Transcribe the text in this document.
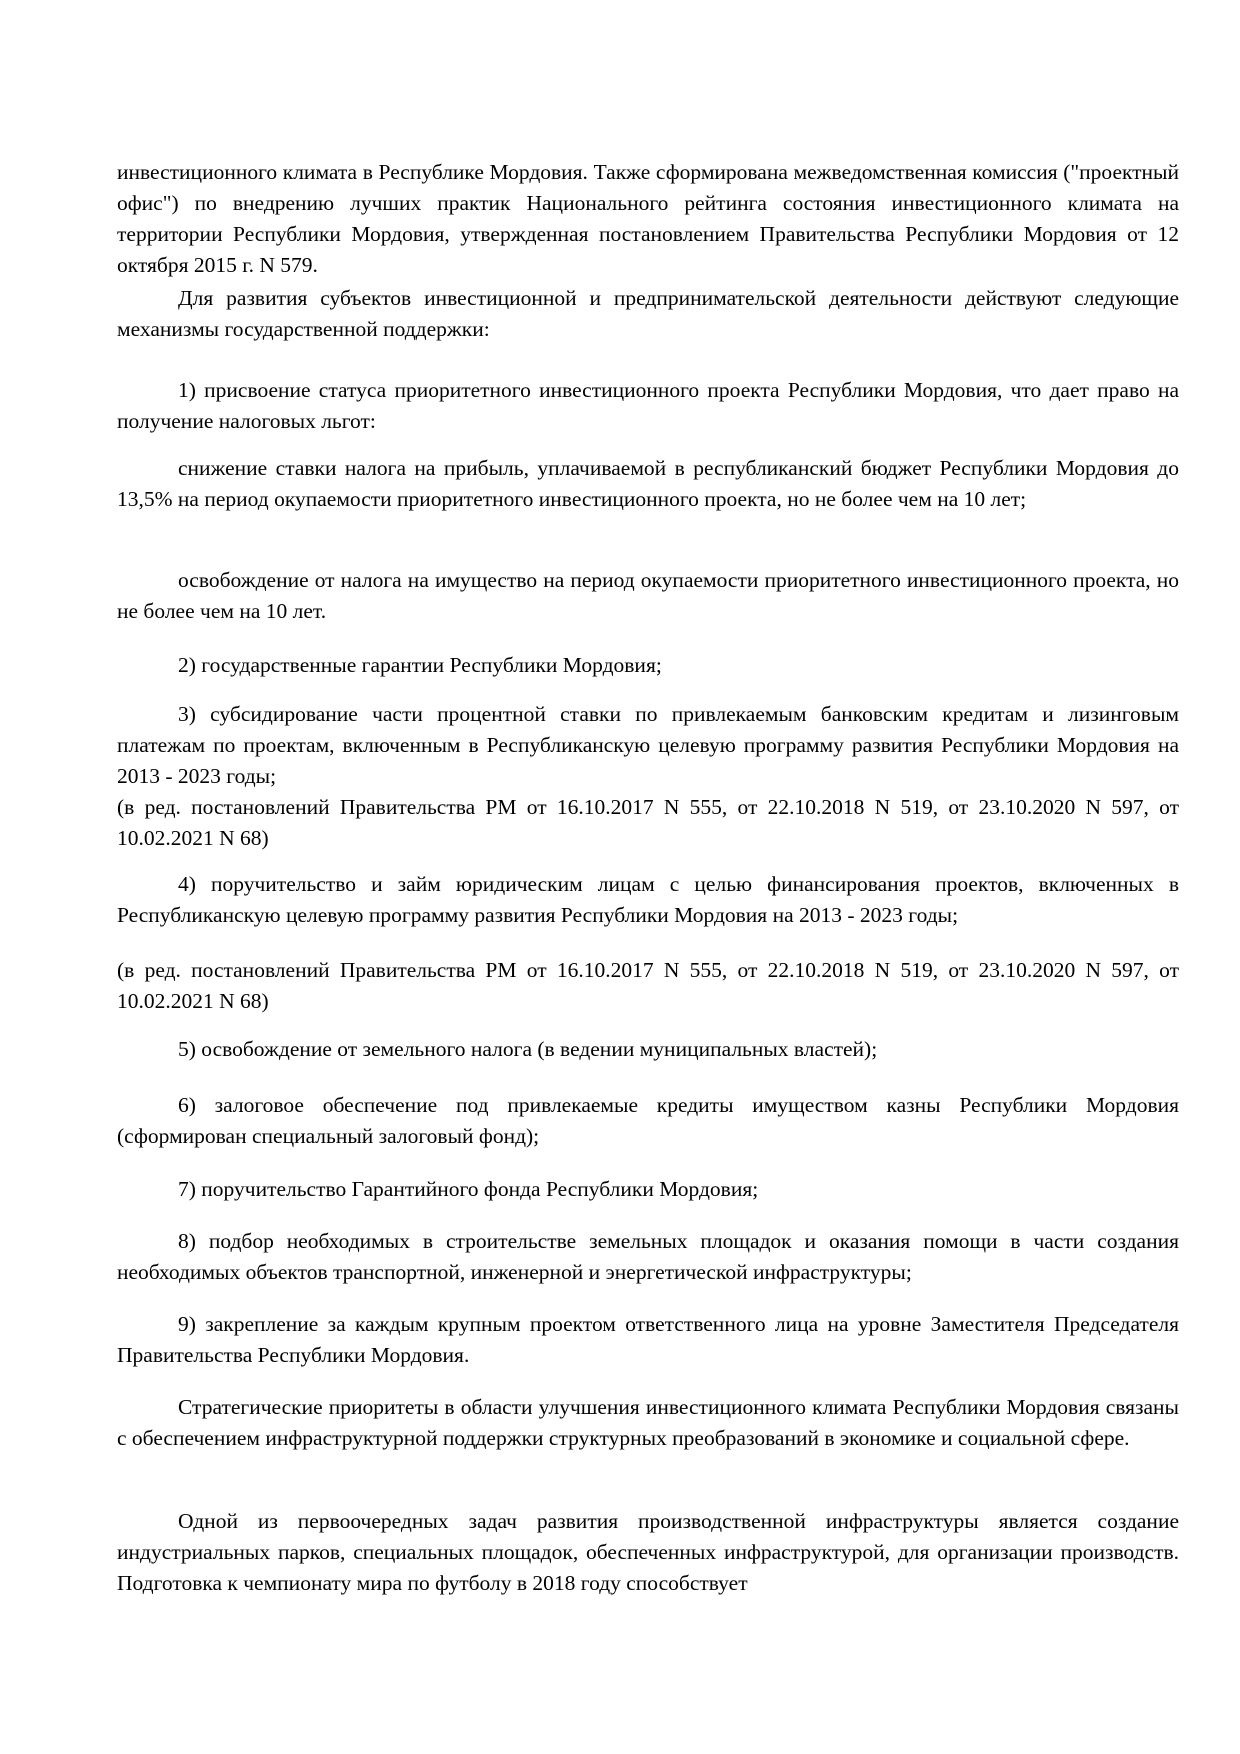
инвестиционного климата в Республике Мордовия. Также сформирована межведомственная комиссия ("проектный офис") по внедрению лучших практик Национального рейтинга состояния инвестиционного климата на территории Республики Мордовия, утвержденная постановлением Правительства Республики Мордовия от 12 октября 2015 г. N 579.

Для развития субъектов инвестиционной и предпринимательской деятельности действуют следующие механизмы государственной поддержки:

1) присвоение статуса приоритетного инвестиционного проекта Республики Мордовия, что дает право на получение налоговых льгот:

снижение ставки налога на прибыль, уплачиваемой в республиканский бюджет Республики Мордовия до 13,5% на период окупаемости приоритетного инвестиционного проекта, но не более чем на 10 лет;

освобождение от налога на имущество на период окупаемости приоритетного инвестиционного проекта, но не более чем на 10 лет.

2) государственные гарантии Республики Мордовия;

3) субсидирование части процентной ставки по привлекаемым банковским кредитам и лизинговым платежам по проектам, включенным в Республиканскую целевую программу развития Республики Мордовия на 2013 - 2023 годы;

(в ред. постановлений Правительства РМ от 16.10.2017 N 555, от 22.10.2018 N 519, от 23.10.2020 N 597, от 10.02.2021 N 68)

4) поручительство и займ юридическим лицам с целью финансирования проектов, включенных в Республиканскую целевую программу развития Республики Мордовия на 2013 - 2023 годы;

(в ред. постановлений Правительства РМ от 16.10.2017 N 555, от 22.10.2018 N 519, от 23.10.2020 N 597, от 10.02.2021 N 68)

5) освобождение от земельного налога (в ведении муниципальных властей);

6) залоговое обеспечение под привлекаемые кредиты имуществом казны Республики Мордовия (сформирован специальный залоговый фонд);

7) поручительство Гарантийного фонда Республики Мордовия;

8) подбор необходимых в строительстве земельных площадок и оказания помощи в части создания необходимых объектов транспортной, инженерной и энергетической инфраструктуры;

9) закрепление за каждым крупным проектом ответственного лица на уровне Заместителя Председателя Правительства Республики Мордовия.

Стратегические приоритеты в области улучшения инвестиционного климата Республики Мордовия связаны с обеспечением инфраструктурной поддержки структурных преобразований в экономике и социальной сфере.

Одной из первоочередных задач развития производственной инфраструктуры является создание индустриальных парков, специальных площадок, обеспеченных инфраструктурой, для организации производств. Подготовка к чемпионату мира по футболу в 2018 году способствует
